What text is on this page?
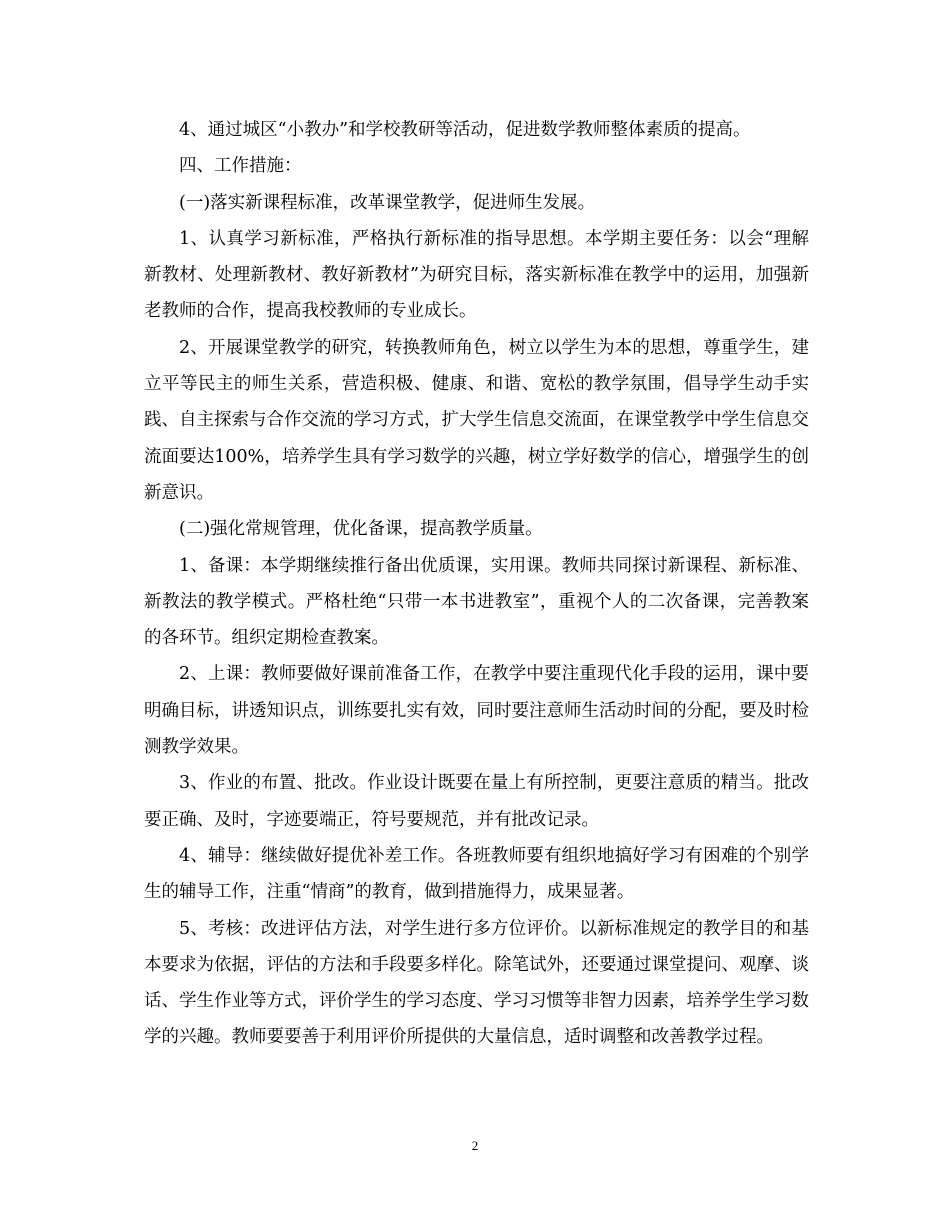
4、通过城区“小教办”和学校教研等活动，促进数学教师整体素质的提高。

四、工作措施：

(一)落实新课程标准，改革课堂教学，促进师生发展。

1、认真学习新标准，严格执行新标准的指导思想。本学期主要任务：以会“理解新教材、处理新教材、教好新教材”为研究目标，落实新标准在教学中的运用，加强新老教师的合作，提高我校教师的专业成长。

2、开展课堂教学的研究，转换教师角色，树立以学生为本的思想，尊重学生，建立平等民主的师生关系，营造积极、健康、和谐、宽松的教学氛围，倡导学生动手实践、自主探索与合作交流的学习方式，扩大学生信息交流面，在课堂教学中学生信息交流面要达100%，培养学生具有学习数学的兴趣，树立学好数学的信心，增强学生的创新意识。

(二)强化常规管理，优化备课，提高教学质量。

1、备课：本学期继续推行备出优质课，实用课。教师共同探讨新课程、新标准、新教法的教学模式。严格杜绝“只带一本书进教室”，重视个人的二次备课，完善教案的各环节。组织定期检查教案。

2、上课：教师要做好课前准备工作，在教学中要注重现代化手段的运用，课中要明确目标，讲透知识点，训练要扎实有效，同时要注意师生活动时间的分配，要及时检测教学效果。

3、作业的布置、批改。作业设计既要在量上有所控制，更要注意质的精当。批改要正确、及时，字迹要端正，符号要规范，并有批改记录。

4、辅导：继续做好提优补差工作。各班教师要有组织地搞好学习有困难的个别学生的辅导工作，注重“情商”的教育，做到措施得力，成果显著。

5、考核：改进评估方法，对学生进行多方位评价。以新标准规定的教学目的和基本要求为依据，评估的方法和手段要多样化。除笔试外，还要通过课堂提问、观摩、谈话、学生作业等方式，评价学生的学习态度、学习习惯等非智力因素，培养学生学习数学的兴趣。教师要要善于利用评价所提供的大量信息，适时调整和改善教学过程。

2
